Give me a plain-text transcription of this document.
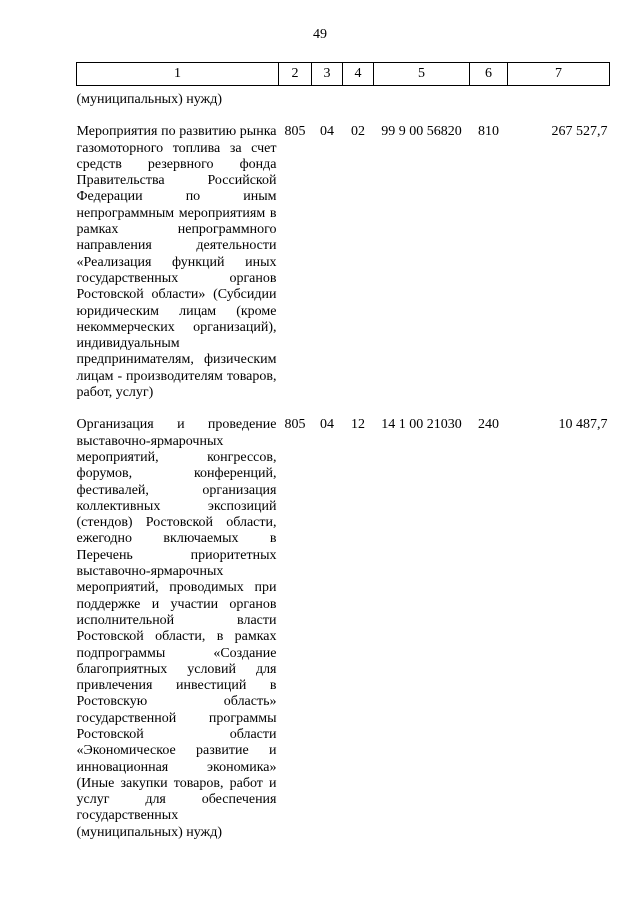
49
1	2	3	4	5	6	7
(муниципальных) нужд)						

Мероприятия по развитию рынка газомоторного топлива за счет средств резервного фонда Правительства Российской Федерации по иным непрограммным мероприятиям в рамках непрограммного направления деятельности «Реализация функций иных государственных органов Ростовской области» (Субсидии юридическим лицам (кроме некоммерческих организаций), индивидуальным предпринимателям, физическим лицам - производителям товаров, работ, услуг)	805	04	02	99 9 00 56820	810	267 527,7

Организация и проведение выставочно-ярмарочных мероприятий, конгрессов, форумов, конференций, фестивалей, организация коллективных экспозиций (стендов) Ростовской области, ежегодно включаемых в Перечень приоритетных выставочно-ярмарочных мероприятий, проводимых при поддержке и участии органов исполнительной власти Ростовской области, в рамках подпрограммы «Создание благоприятных условий для привлечения инвестиций в Ростовскую область» государственной программы Ростовской области «Экономическое развитие и инновационная экономика» (Иные закупки товаров, работ и услуг для обеспечения государственных (муниципальных) нужд)	805	04	12	14 1 00 21030	240	10 487,7
